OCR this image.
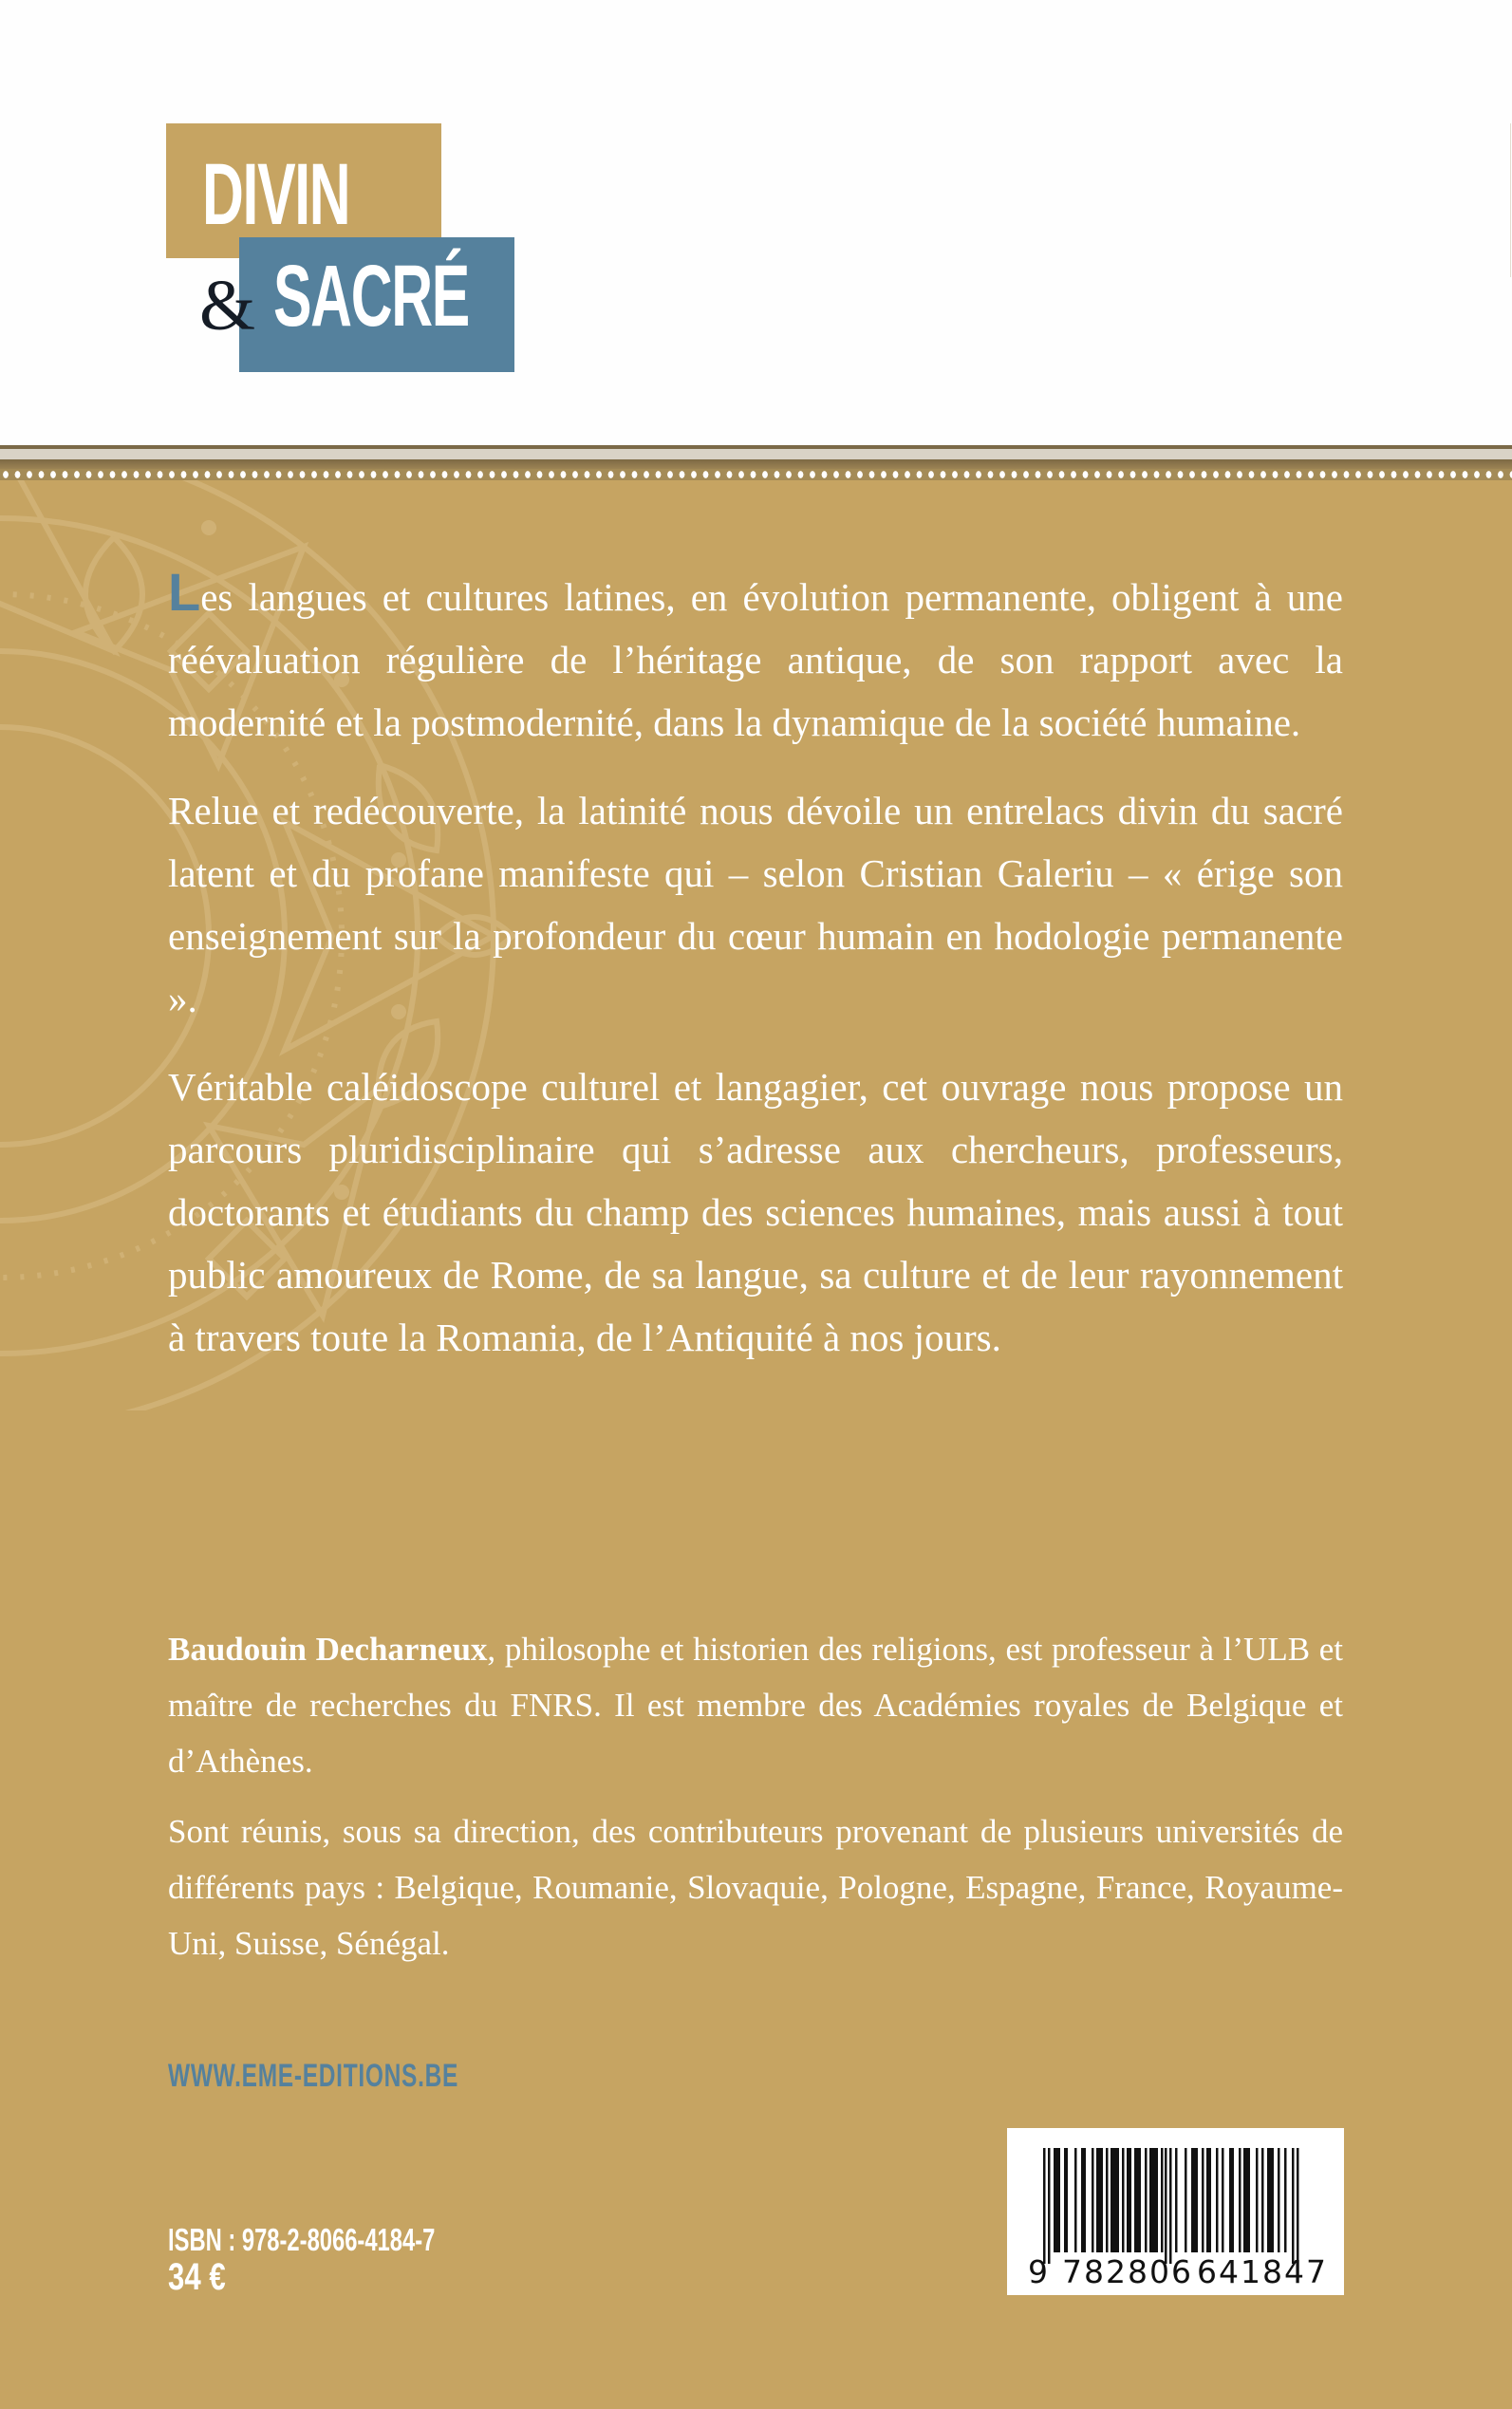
DIVIN
& SACRÉ

Les langues et cultures latines, en évolution permanente, obligent à une réévaluation régulière de l’héritage antique, de son rapport avec la modernité et la postmodernité, dans la dynamique de la société humaine.

Relue et redécouverte, la latinité nous dévoile un entrelacs divin du sacré latent et du profane manifeste qui – selon Cristian Galeriu – « érige son enseignement sur la profondeur du cœur humain en hodologie permanente ».

Véritable caléidoscope culturel et langagier, cet ouvrage nous propose un parcours pluridisciplinaire qui s’adresse aux chercheurs, professeurs, doctorants et étudiants du champ des sciences humaines, mais aussi à tout public amoureux de Rome, de sa langue, sa culture et de leur rayonnement à travers toute la Romania, de l’Antiquité à nos jours.

Baudouin Decharneux, philosophe et historien des religions, est professeur à l’ULB et maître de recherches du FNRS. Il est membre des Académies royales de Belgique et d’Athènes.

Sont réunis, sous sa direction, des contributeurs provenant de plusieurs universités de différents pays : Belgique, Roumanie, Slovaquie, Pologne, Espagne, France, Royaume-Uni, Suisse, Sénégal.

WWW.EME-EDITIONS.BE
ISBN : 978-2-8066-4184-7
34 €	9 782806 641847
